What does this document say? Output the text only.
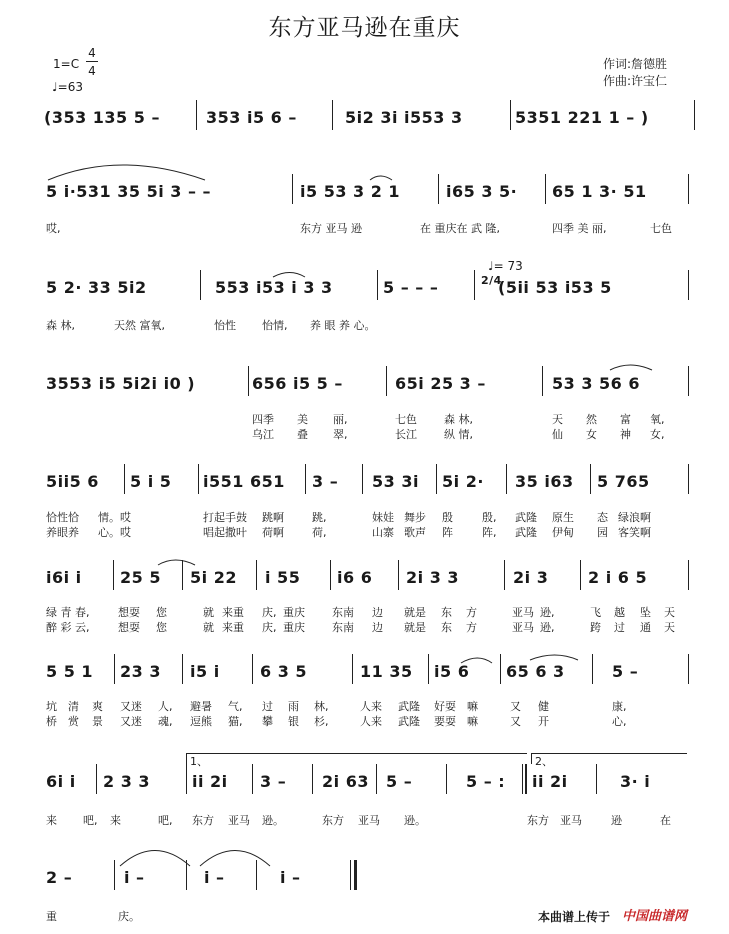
东方亚马逊在重庆
1=C
4
4
♩=63
作词:詹德胜
作曲:许宝仁
(353 135 5 –	353 i5 6 –	5i2 3i i553 3	5351 221 1 – )
5 i·531 35 5i 3 – –	i5 53 3 2 1	i65 3 5· 65 1 3· 51
哎,	东方 亚马 逊	在 重庆在 武 隆,	四季 美 丽,	七色
5 2· 33 5i2	553 i53 i 3 3	5 – – –	2/4
(5ii 53 i53 5
♩= 73
森 林,	天然 富氧,	怡性 怡情, 养 眼 养 心。
3553 i5 5i2i i0 )	656 i5 5 –	65i 25 3 –	53 3 56 6
四季 美 丽,	七色 森 林,	天 然 富 氧,
乌江 叠 翠,	长江 纵 情,	仙 女 神 女,
5ii5 6 5 i 5 i551 651 3 – 53 3i 5i 2· 35 i63 5 765
恰性恰 情。哎	打起手鼓 跳啊	跳,	妹娃 舞步 殷	殷, 武隆 原生 态 绿浪啊
养眼养 心。哎	唱起撒叶 荷啊	荷,	山寨 歌声 阵	阵, 武隆 伊甸 园 客笑啊
i6i i 25 5 5i 22 i 55 i6 6 2i 3 3	2i 3 2 i 6 5
绿 青 春,	想耍 您	就 来重 庆, 重庆 东南 边 就是 东 方	亚马 逊,	飞 越 坠 天
醉 彩 云,	想耍 您	就 来重 庆, 重庆 东南 边 就是 东 方	亚马 逊,	跨 过 通 天
5 5 1 23 3 i5 i	6 3 5	11 35 i5 6 65 6 3	5 –
坑 清 爽 又迷 人, 避暑 气, 过 雨 林,	人来 武隆 好耍 嘛	又 健	康,
桥 赏 景 又迷 魂, 逗熊 猫, 攀 银 杉,	人来 武隆 要耍 嘛	又 开	心,
1、	2、
6i i 2 3 3	ii 2i 3 – 2i 63 5 –	5 – : ii 2i	3· i
来 吧, 来	吧, 东方 亚马 逊。	东方 亚马 逊。	东方 亚马	逊	在
2 –	i –	i –	i –
重	庆。	本曲谱上传于 中国曲谱网
